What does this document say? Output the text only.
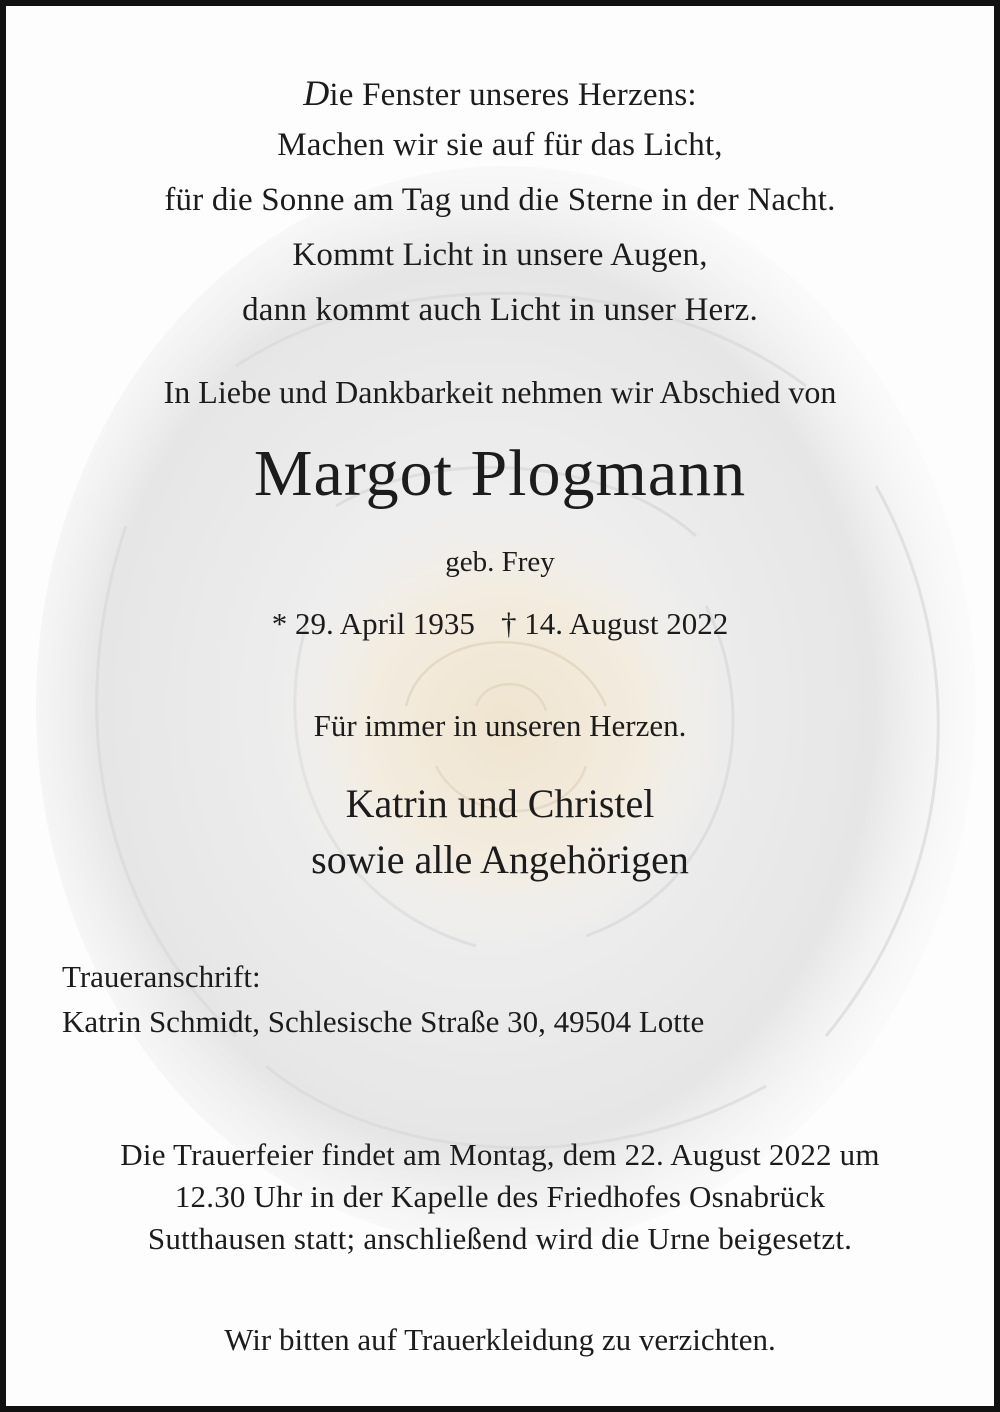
Die Fenster unseres Herzens:
Machen wir sie auf für das Licht,
für die Sonne am Tag und die Sterne in der Nacht.
Kommt Licht in unsere Augen,
dann kommt auch Licht in unser Herz.
In Liebe und Dankbarkeit nehmen wir Abschied von
Margot Plogmann
geb. Frey
* 29. April 1935 † 14. August 2022
Für immer in unseren Herzen.
Katrin und Christel
sowie alle Angehörigen
Traueranschrift:
Katrin Schmidt, Schlesische Straße 30, 49504 Lotte
Die Trauerfeier findet am Montag, dem 22. August 2022 um
12.30 Uhr in der Kapelle des Friedhofes Osnabrück
Sutthausen statt; anschließend wird die Urne beigesetzt.
Wir bitten auf Trauerkleidung zu verzichten.
